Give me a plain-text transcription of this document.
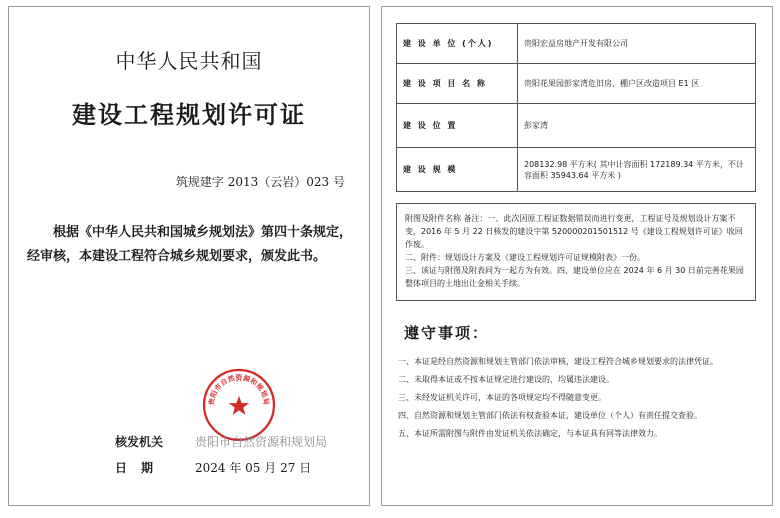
中华人民共和国
建设工程规划许可证
筑规建字 2013（云岩）023 号
根据《中华人民共和国城乡规划法》第四十条规定，经审核，本建设工程符合城乡规划要求，颁发此书。
贵阳市自然资源和规划局
核发机关	贵阳市自然资源和规划局
日期 2024 年 05 月 27 日
建 设 单 位 (个人)	贵阳宏益房地产开发有限公司
建 设 项 目 名 称	贵阳花果园彭家湾危旧房、棚户区改造项目 E1 区
建 设 位 置	彭家湾
建 设 规 模	208132.98 平方米( 其中计容面积 172189.34 平方米，不计容面积 35943.64 平方米 )

附图及附件名称 备注：一、此次因原工程证数据错误而进行变更，工程证号及规划设计方案不变，2016 年 5 月 22 日核发的建设字第 520000201501512 号《建设工程规划许可证》收回作废。

二、附件：规划设计方案及《建设工程规划许可证规模附表》一份。

三、该证与附图及附表同为一起方为有效。四、建设单位应在 2024 年 6 月 30 日前完善花果园整体项目的土地出让金相关手续。

遵守事项：
一、本证是经自然资源和规划主管部门依法审核，建设工程符合城乡规划要求的法律凭证。
二、未取得本证或不按本证规定进行建设的，均属违法建设。
三、未经发证机关许可，本证的各项规定均不得随意变更。
四、自然资源和规划主管部门依法有权查验本证，建设单位（个人）有责任提交查验。
五、本证所需附图与附件由发证机关依法确定，与本证具有同等法律效力。
